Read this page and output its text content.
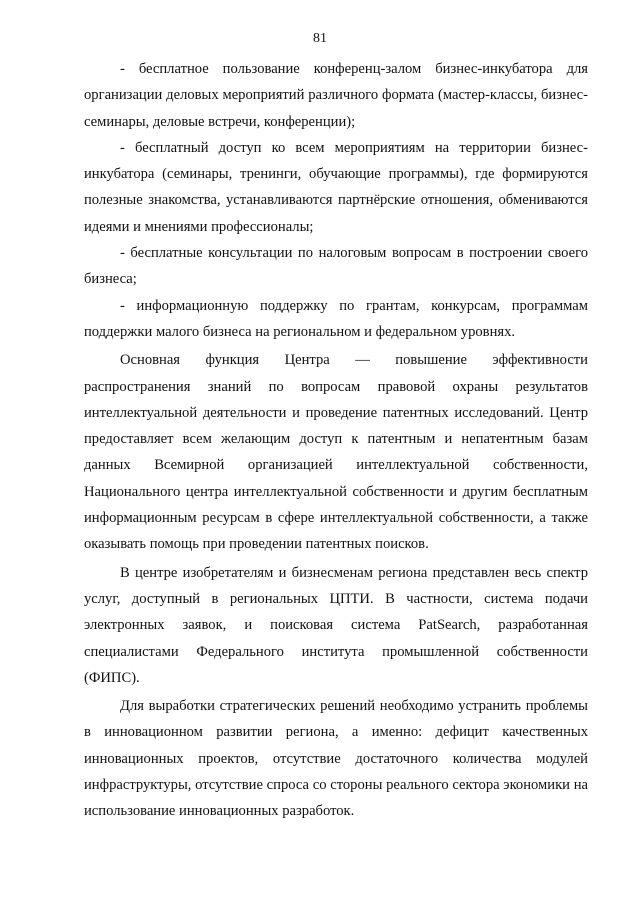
81

- бесплатное пользование конференц-залом бизнес-инкубатора для организации деловых мероприятий различного формата (мастер-классы, бизнес-семинары, деловые встречи, конференции);

- бесплатный доступ ко всем мероприятиям на территории бизнес-инкубатора (семинары, тренинги, обучающие программы), где формируются полезные знакомства, устанавливаются партнёрские отношения, обмениваются идеями и мнениями профессионалы;

- бесплатные консультации по налоговым вопросам в построении своего бизнеса;

- информационную поддержку по грантам, конкурсам, программам поддержки малого бизнеса на региональном и федеральном уровнях.

Основная функция Центра — повышение эффективности распространения знаний по вопросам правовой охраны результатов интеллектуальной деятельности и проведение патентных исследований. Центр предоставляет всем желающим доступ к патентным и непатентным базам данных Всемирной организацией интеллектуальной собственности, Национального центра интеллектуальной собственности и другим бесплатным информационным ресурсам в сфере интеллектуальной собственности, а также оказывать помощь при проведении патентных поисков.

В центре изобретателям и бизнесменам региона представлен весь спектр услуг, доступный в региональных ЦПТИ. В частности, система подачи электронных заявок, и поисковая система PatSearch, разработанная специалистами Федерального института промышленной собственности (ФИПС).

Для выработки стратегических решений необходимо устранить проблемы в инновационном развитии региона, а именно: дефицит качественных инновационных проектов, отсутствие достаточного количества модулей инфраструктуры, отсутствие спроса со стороны реального сектора экономики на использование инновационных разработок.
